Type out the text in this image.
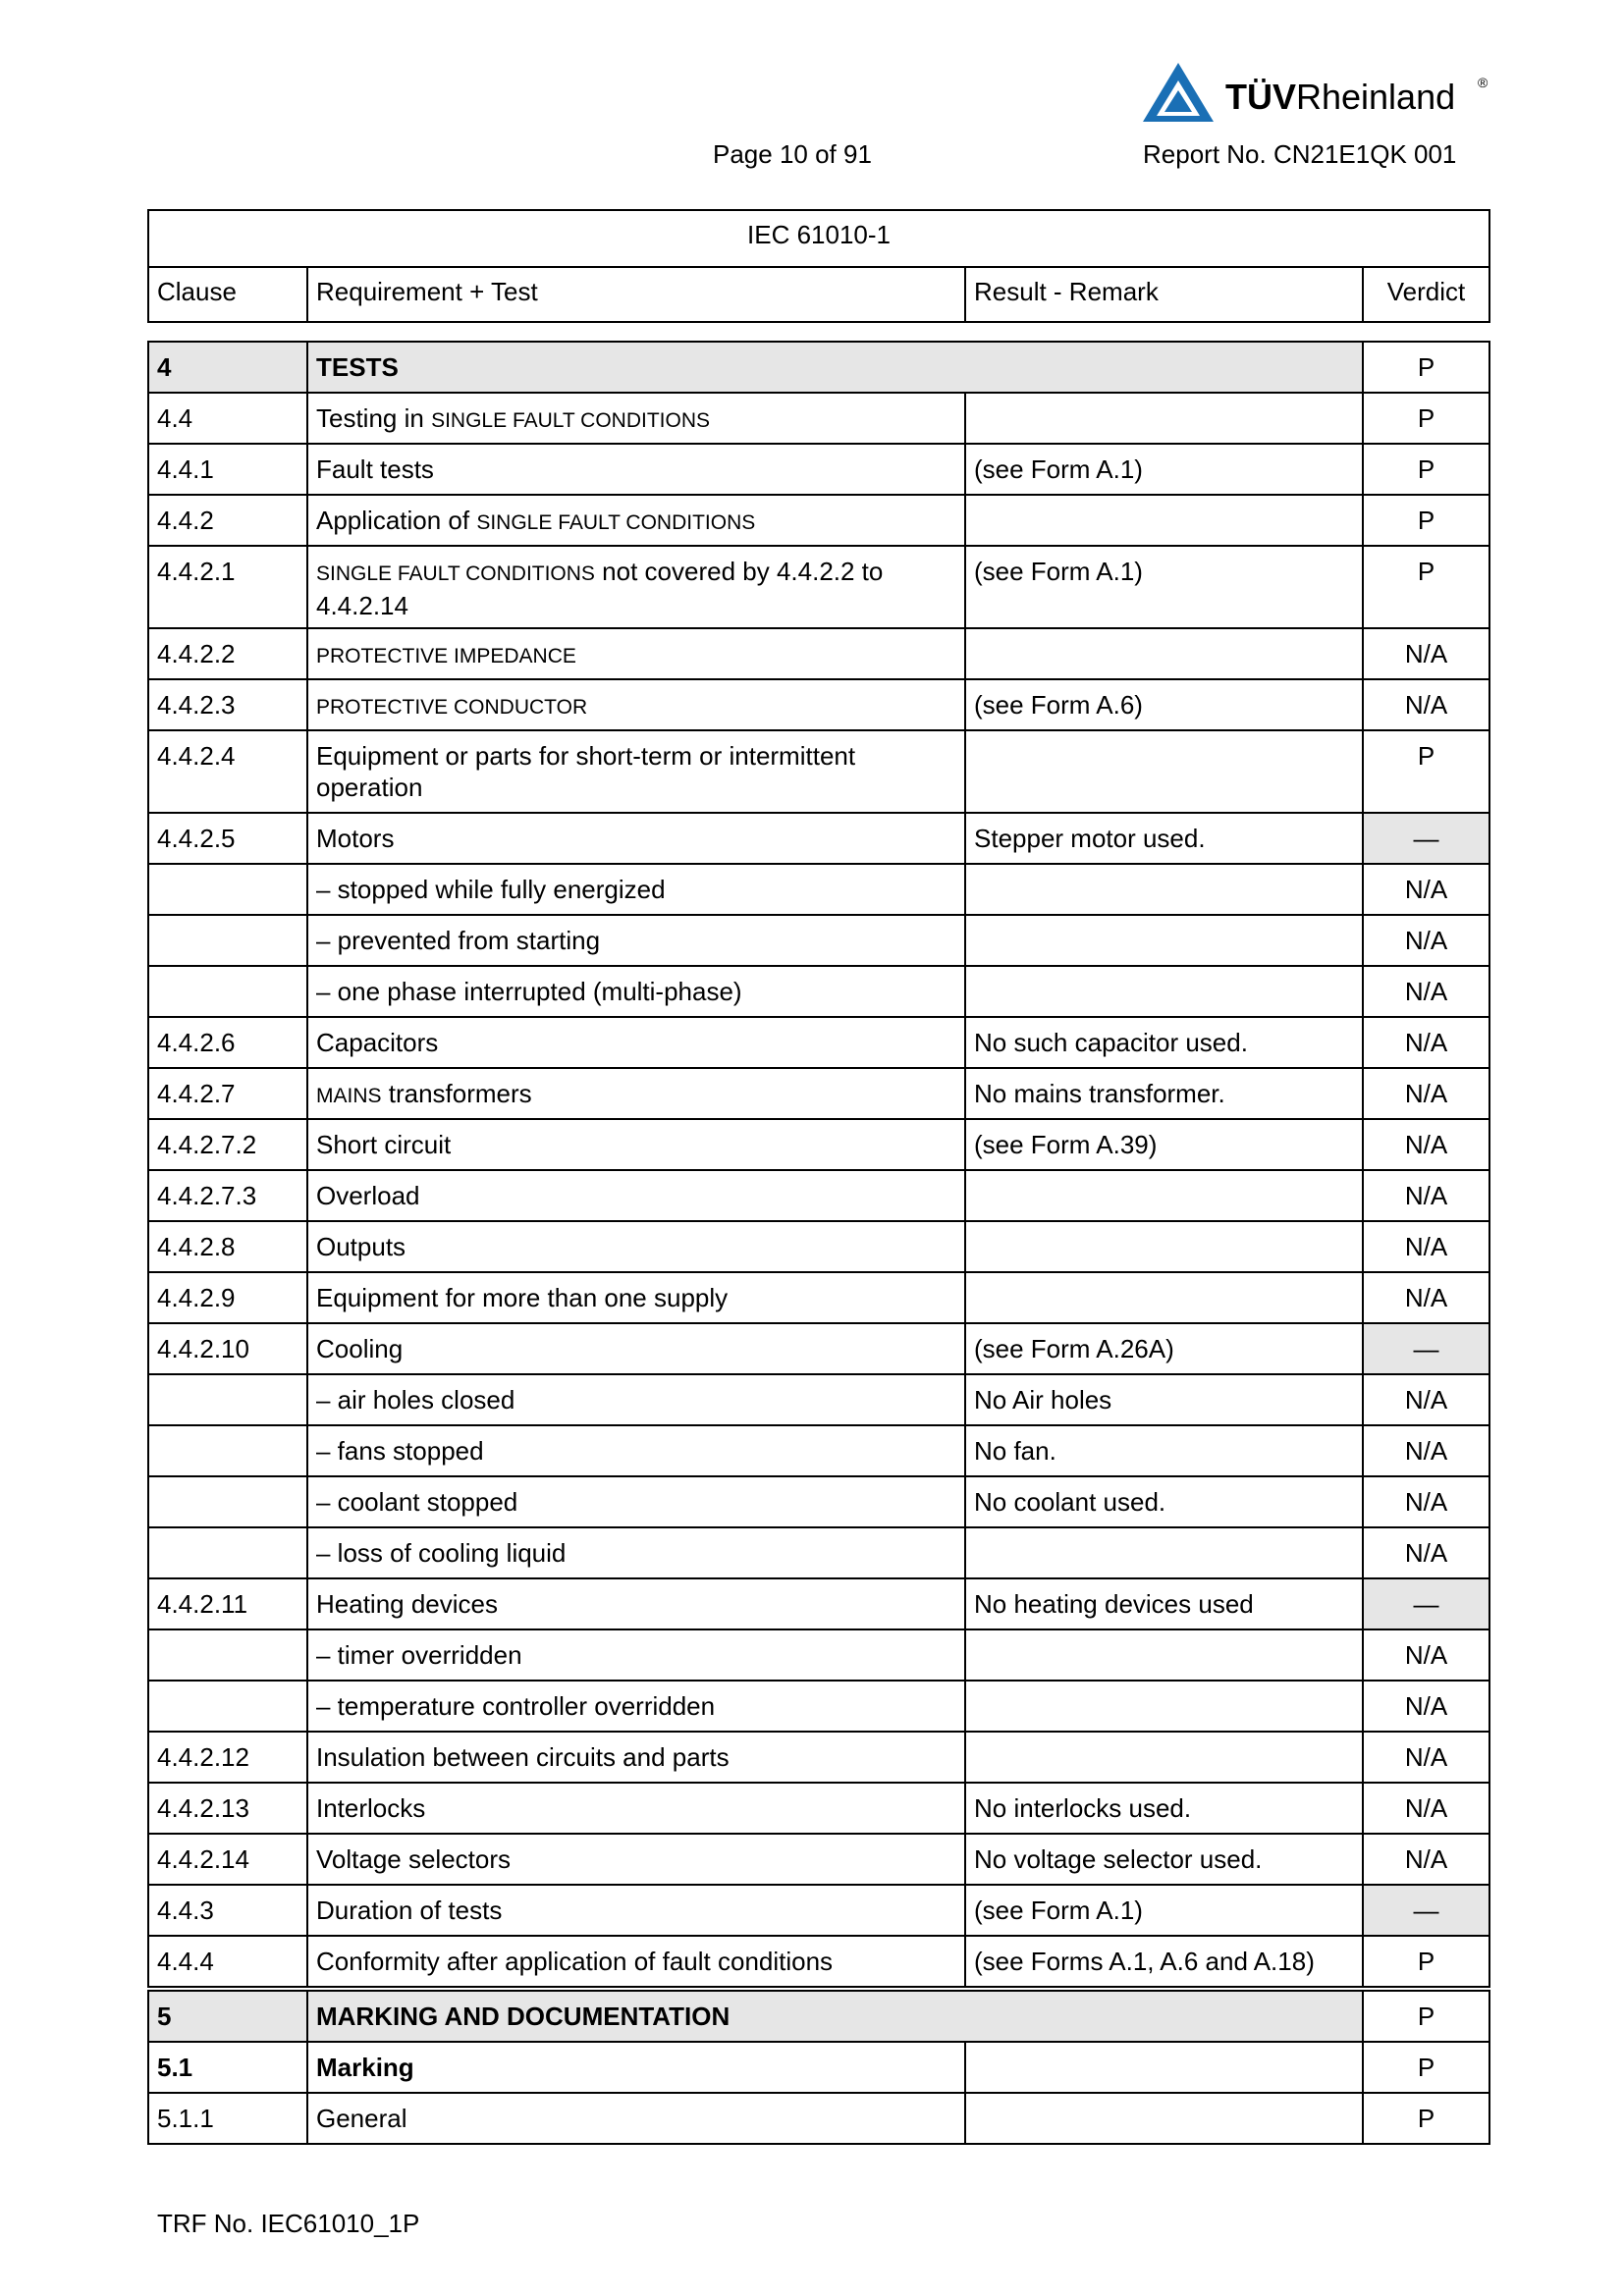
TÜVRheinland ®
Page 10 of 91	Report No. CN21E1QK 001
IEC 61010-1
Clause	Requirement + Test	Result - Remark	Verdict
4	TESTS		P
4.4	Testing in SINGLE FAULT CONDITIONS		P
4.4.1	Fault tests	(see Form A.1)	P
4.4.2	Application of SINGLE FAULT CONDITIONS		P
4.4.2.1	SINGLE FAULT CONDITIONS not covered by 4.4.2.2 to 4.4.2.14	(see Form A.1)	P
4.4.2.2	PROTECTIVE IMPEDANCE		N/A
4.4.2.3	PROTECTIVE CONDUCTOR	(see Form A.6)	N/A
4.4.2.4	Equipment or parts for short-term or intermittent operation		P
4.4.2.5	Motors	Stepper motor used.	—
	– stopped while fully energized		N/A
	– prevented from starting		N/A
	– one phase interrupted (multi-phase)		N/A
4.4.2.6	Capacitors	No such capacitor used.	N/A
4.4.2.7	MAINS transformers	No mains transformer.	N/A
4.4.2.7.2	Short circuit	(see Form A.39)	N/A
4.4.2.7.3	Overload		N/A
4.4.2.8	Outputs		N/A
4.4.2.9	Equipment for more than one supply		N/A
4.4.2.10	Cooling	(see Form A.26A)	—
	– air holes closed	No Air holes	N/A
	– fans stopped	No fan.	N/A
	– coolant stopped	No coolant used.	N/A
	– loss of cooling liquid		N/A
4.4.2.11	Heating devices	No heating devices used	—
	– timer overridden		N/A
	– temperature controller overridden		N/A
4.4.2.12	Insulation between circuits and parts		N/A
4.4.2.13	Interlocks	No interlocks used.	N/A
4.4.2.14	Voltage selectors	No voltage selector used.	N/A
4.4.3	Duration of tests	(see Form A.1)	—
4.4.4	Conformity after application of fault conditions	(see Forms A.1, A.6 and A.18)	P
5	MARKING AND DOCUMENTATION		P
5.1	Marking		P
5.1.1	General		P
TRF No. IEC61010_1P
